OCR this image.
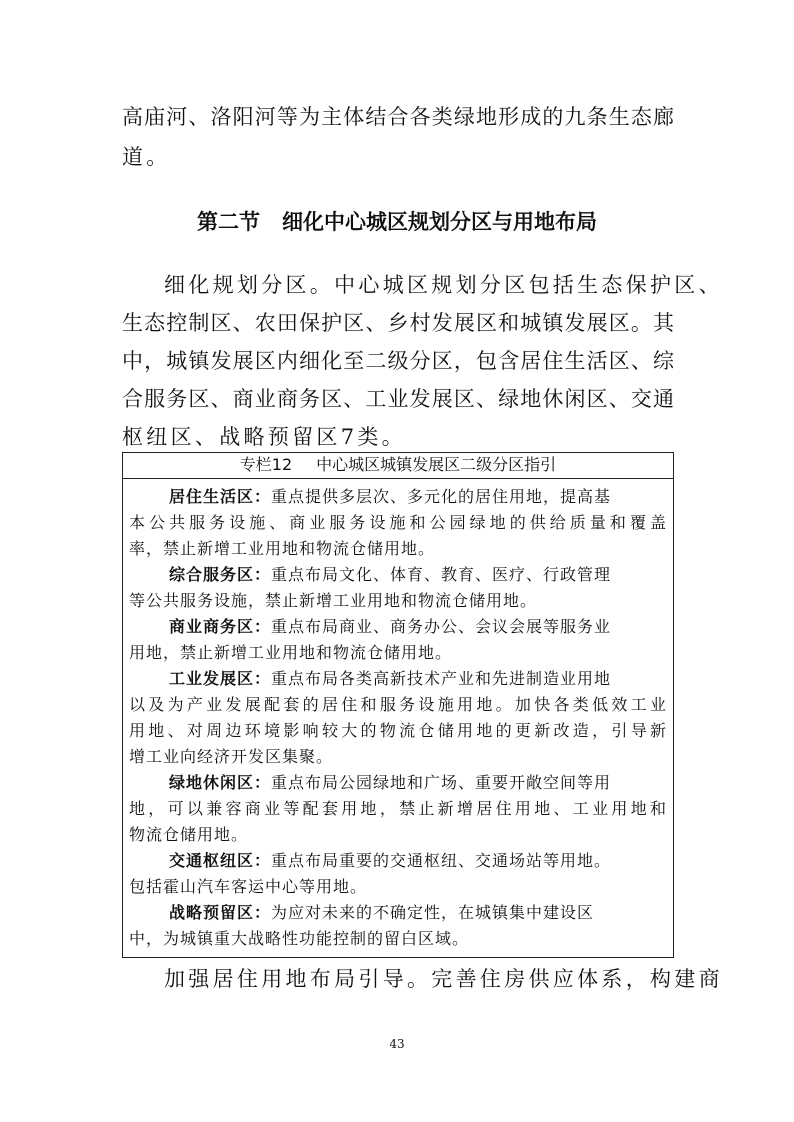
高庙河、洛阳河等为主体结合各类绿地形成的九条生态廊

道。

第二节 细化中心城区规划分区与用地布局

细化规划分区。中心城区规划分区包括生态保护区、

生态控制区、农田保护区、乡村发展区和城镇发展区。其

中，城镇发展区内细化至二级分区，包含居住生活区、综

合服务区、商业商务区、工业发展区、绿地休闲区、交通

枢纽区、战略预留区7类。

专栏12 中心城区城镇发展区二级分区指引

居住生活区：重点提供多层次、多元化的居住用地，提高基

本公共服务设施、商业服务设施和公园绿地的供给质量和覆盖

率，禁止新增工业用地和物流仓储用地。

综合服务区：重点布局文化、体育、教育、医疗、行政管理

等公共服务设施，禁止新增工业用地和物流仓储用地。

商业商务区：重点布局商业、商务办公、会议会展等服务业

用地，禁止新增工业用地和物流仓储用地。

工业发展区：重点布局各类高新技术产业和先进制造业用地

以及为产业发展配套的居住和服务设施用地。加快各类低效工业

用地、对周边环境影响较大的物流仓储用地的更新改造，引导新

增工业向经济开发区集聚。

绿地休闲区：重点布局公园绿地和广场、重要开敞空间等用

地，可以兼容商业等配套用地，禁止新增居住用地、工业用地和

物流仓储用地。

交通枢纽区：重点布局重要的交通枢纽、交通场站等用地。

包括霍山汽车客运中心等用地。

战略预留区：为应对未来的不确定性，在城镇集中建设区

中，为城镇重大战略性功能控制的留白区域。

加强居住用地布局引导。完善住房供应体系，构建商

43
